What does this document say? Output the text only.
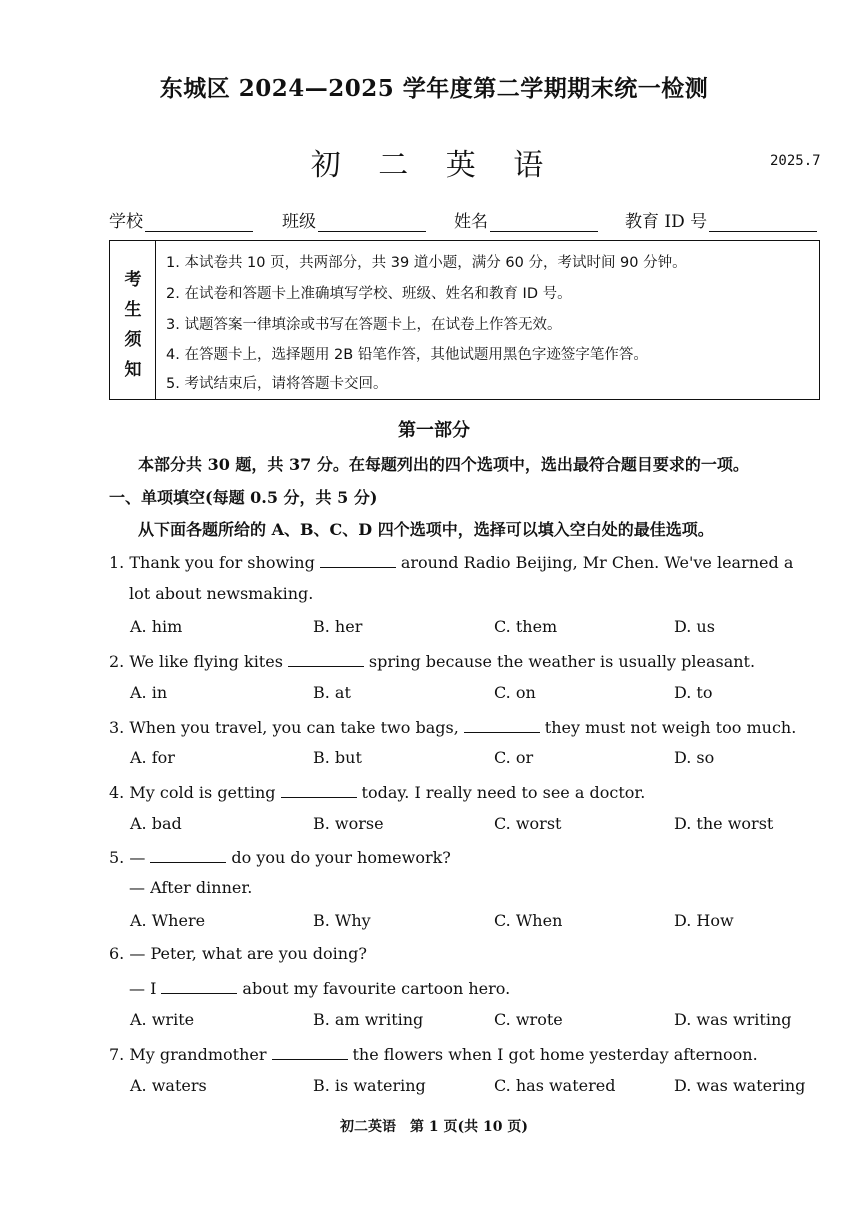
东城区 2024—2025 学年度第二学期期末统一检测
初 二 英 语	2025.7
学校	班级	姓名	教育 ID 号
考
生
须
知
1. 本试卷共 10 页，共两部分，共 39 道小题，满分 60 分，考试时间 90 分钟。
2. 在试卷和答题卡上准确填写学校、班级、姓名和教育 ID 号。
3. 试题答案一律填涂或书写在答题卡上，在试卷上作答无效。
4. 在答题卡上，选择题用 2B 铅笔作答，其他试题用黑色字迹签字笔作答。
5. 考试结束后，请将答题卡交回。
第一部分
本部分共 30 题，共 37 分。在每题列出的四个选项中，选出最符合题目要求的一项。
一、单项填空(每题 0.5 分，共 5 分)
从下面各题所给的 A、B、C、D 四个选项中，选择可以填入空白处的最佳选项。
1. Thank you for showing	around Radio Beijing, Mr Chen. We've learned a
lot about newsmaking.
A. him	B. her	C. them	D. us
2. We like flying kites	spring because the weather is usually pleasant.
A. in	B. at	C. on	D. to
3. When you travel, you can take two bags,	they must not weigh too much.
A. for	B. but	C. or	D. so
4. My cold is getting	today. I really need to see a doctor.
A. bad	B. worse	C. worst	D. the worst
5. —	do you do your homework?
— After dinner.
A. Where	B. Why	C. When	D. How
6. — Peter, what are you doing?
— I	about my favourite cartoon hero.
A. write	B. am writing	C. wrote	D. was writing
7. My grandmother	the flowers when I got home yesterday afternoon.
A. waters	B. is watering	C. has watered	D. was watering
初二英语　第 1 页(共 10 页)
